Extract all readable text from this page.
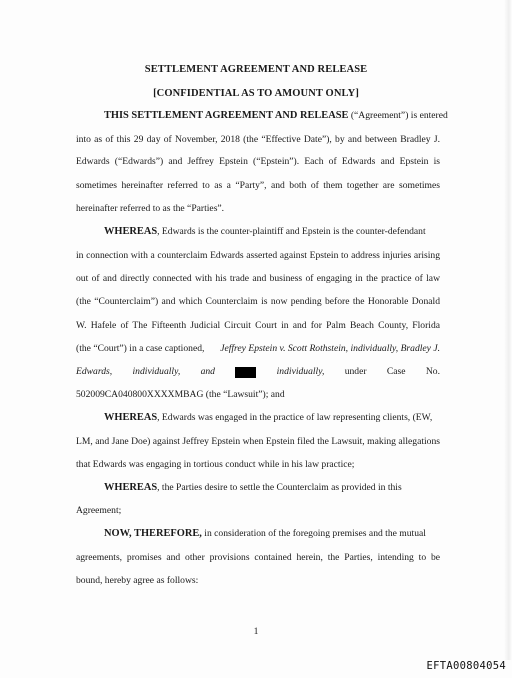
SETTLEMENT AGREEMENT AND RELEASE
[CONFIDENTIAL AS TO AMOUNT ONLY]
THIS SETTLEMENT AGREEMENT AND RELEASE (“Agreement”) is entered
into as of this 29 day of November, 2018 (the “Effective Date”), by and between Bradley J.
Edwards (“Edwards”) and Jeffrey Epstein (“Epstein”). Each of Edwards and Epstein is
sometimes hereinafter referred to as a “Party”, and both of them together are sometimes
hereinafter referred to as the “Parties”.
WHEREAS, Edwards is the counter-plaintiff and Epstein is the counter-defendant
in connection with a counterclaim Edwards asserted against Epstein to address injuries arising
out of and directly connected with his trade and business of engaging in the practice of law
(the “Counterclaim”) and which Counterclaim is now pending before the Honorable Donald
W. Hafele of The Fifteenth Judicial Circuit Court in and for Palm Beach County, Florida
(the “Court”) in a case captioned, Jeffrey Epstein v. Scott Rothstein, individually, Bradley J.
Edwards, individually, and	individually, under Case No.
502009CA040800XXXXMBAG (the “Lawsuit”); and
WHEREAS, Edwards was engaged in the practice of law representing clients, (EW,
LM, and Jane Doe) against Jeffrey Epstein when Epstein filed the Lawsuit, making allegations
that Edwards was engaging in tortious conduct while in his law practice;
WHEREAS, the Parties desire to settle the Counterclaim as provided in this
Agreement;
NOW, THEREFORE, in consideration of the foregoing premises and the mutual
agreements, promises and other provisions contained herein, the Parties, intending to be
bound, hereby agree as follows:
1
EFTA00804054
